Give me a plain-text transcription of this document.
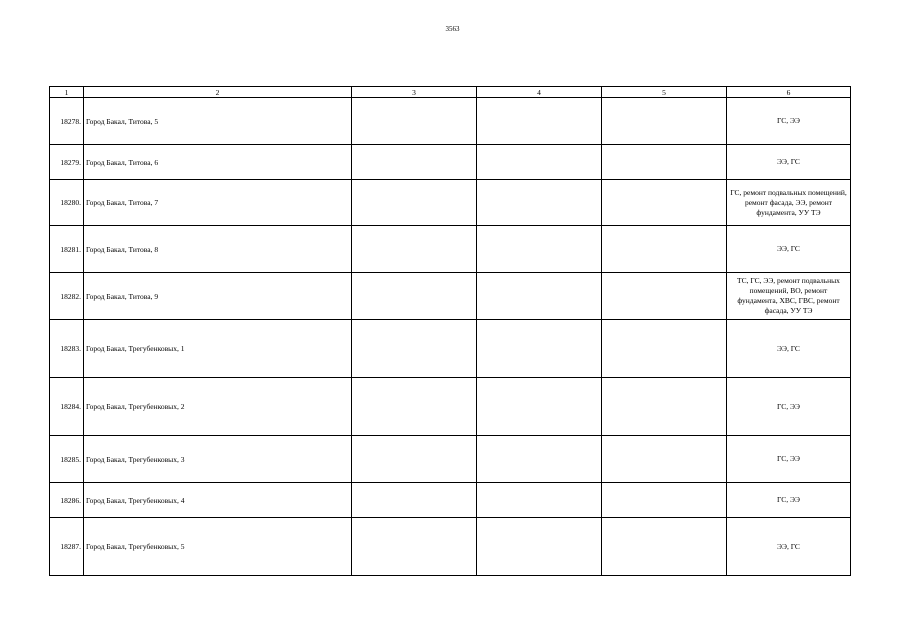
3563
1	2	3	4	5	6
18278.	Город Бакал, Титова, 5				ГС, ЭЭ
18279.	Город Бакал, Титова, 6				ЭЭ, ГС
18280.	Город Бакал, Титова, 7				ГС, ремонт подвальных помещений, ремонт фасада, ЭЭ, ремонт фундамента, УУ ТЭ
18281.	Город Бакал, Титова, 8				ЭЭ, ГС
18282.	Город Бакал, Титова, 9				ТС, ГС, ЭЭ, ремонт подвальных помещений, ВО, ремонт фундамента, ХВС, ГВС, ремонт фасада, УУ ТЭ
18283.	Город Бакал, Трегубенковых, 1				ЭЭ, ГС
18284.	Город Бакал, Трегубенковых, 2				ГС, ЭЭ
18285.	Город Бакал, Трегубенковых, 3				ГС, ЭЭ
18286.	Город Бакал, Трегубенковых, 4				ГС, ЭЭ
18287.	Город Бакал, Трегубенковых, 5				ЭЭ, ГС
